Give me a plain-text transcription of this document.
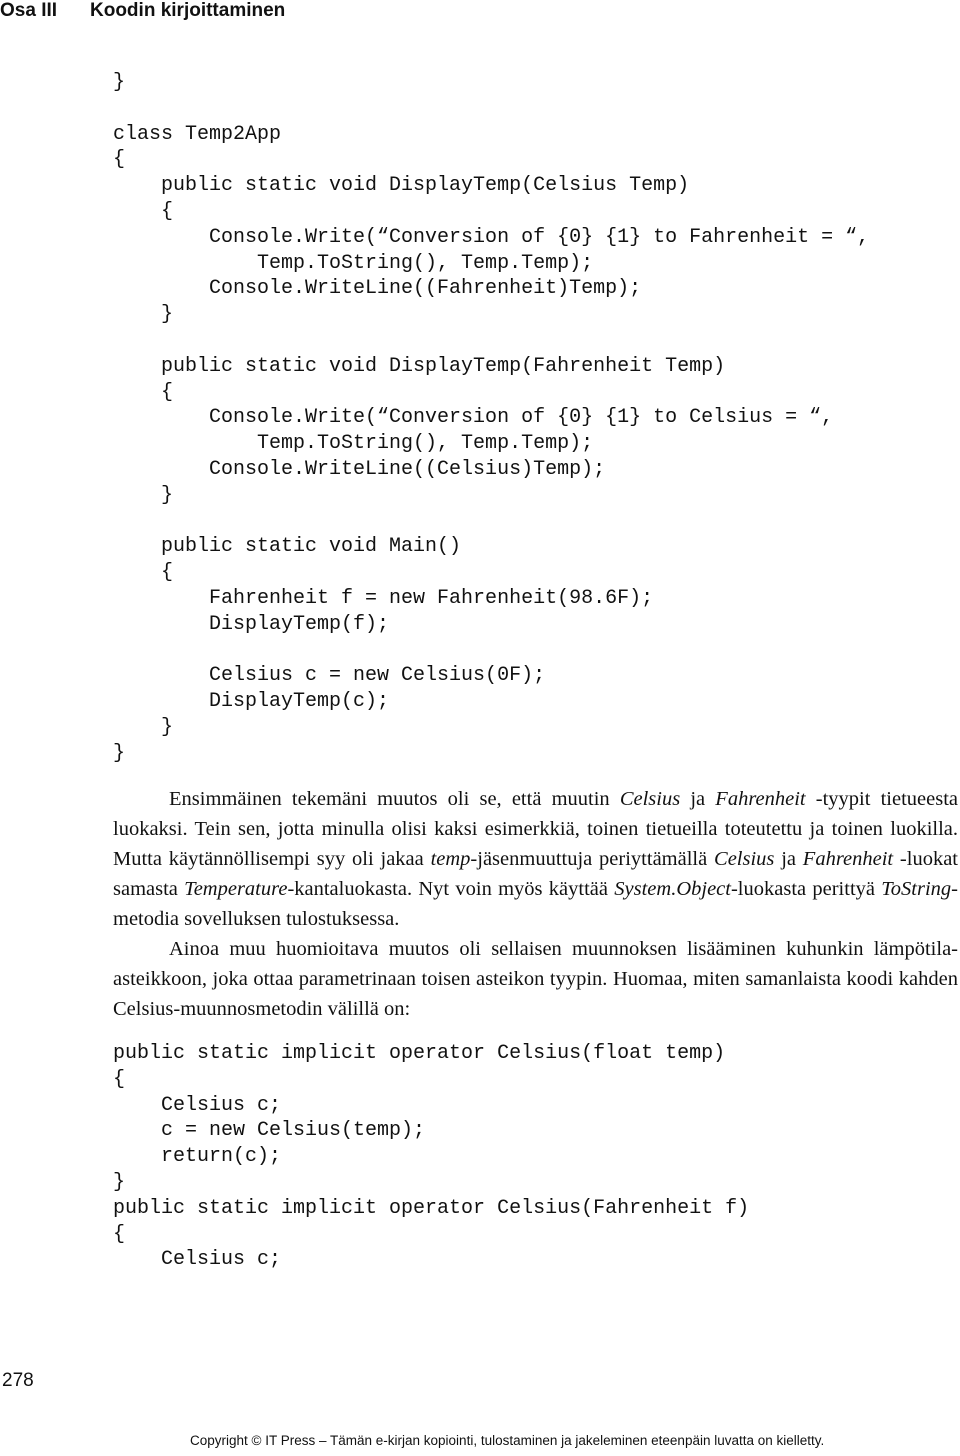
Osa III Koodin kirjoittaminen
}
class Temp2App
{
public static void DisplayTemp(Celsius Temp)
{
Console.Write(“Conversion of {0} {1} to Fahrenheit = “,
Temp.ToString(), Temp.Temp);
Console.WriteLine((Fahrenheit)Temp);
}
public static void DisplayTemp(Fahrenheit Temp)
{
Console.Write(“Conversion of {0} {1} to Celsius = “,
Temp.ToString(), Temp.Temp);
Console.WriteLine((Celsius)Temp);
}
public static void Main()
{
Fahrenheit f = new Fahrenheit(98.6F);
DisplayTemp(f);
Celsius c = new Celsius(0F);
DisplayTemp(c);
}
}

Ensimmäinen tekemäni muutos oli se, että muutin Celsius ja Fahrenheit -tyypit tietueesta luokaksi. Tein sen, jotta minulla olisi kaksi esimerkkiä, toinen tietueilla toteutettu ja toinen luokilla. Mutta käytännöllisempi syy oli jakaa temp-jäsenmuuttuja periyttämällä Celsius ja Fahrenheit -luokat samasta Temperature-kantaluokasta. Nyt voin myös käyttää System.Object-luokasta perittyä ToString-metodia sovelluksen tulostuksessa.

Ainoa muu huomioitava muutos oli sellaisen muunnoksen lisääminen kuhunkin lämpötila-asteikkoon, joka ottaa parametrinaan toisen asteikon tyypin. Huomaa, miten samanlaista koodi kahden Celsius-muunnosmetodin välillä on:

public static implicit operator Celsius(float temp)
{
Celsius c;
c = new Celsius(temp);
return(c);
}
public static implicit operator Celsius(Fahrenheit f)
{
Celsius c;
278
Copyright © IT Press – Tämän e-kirjan kopiointi, tulostaminen ja jakeleminen eteenpäin luvatta on kielletty.
